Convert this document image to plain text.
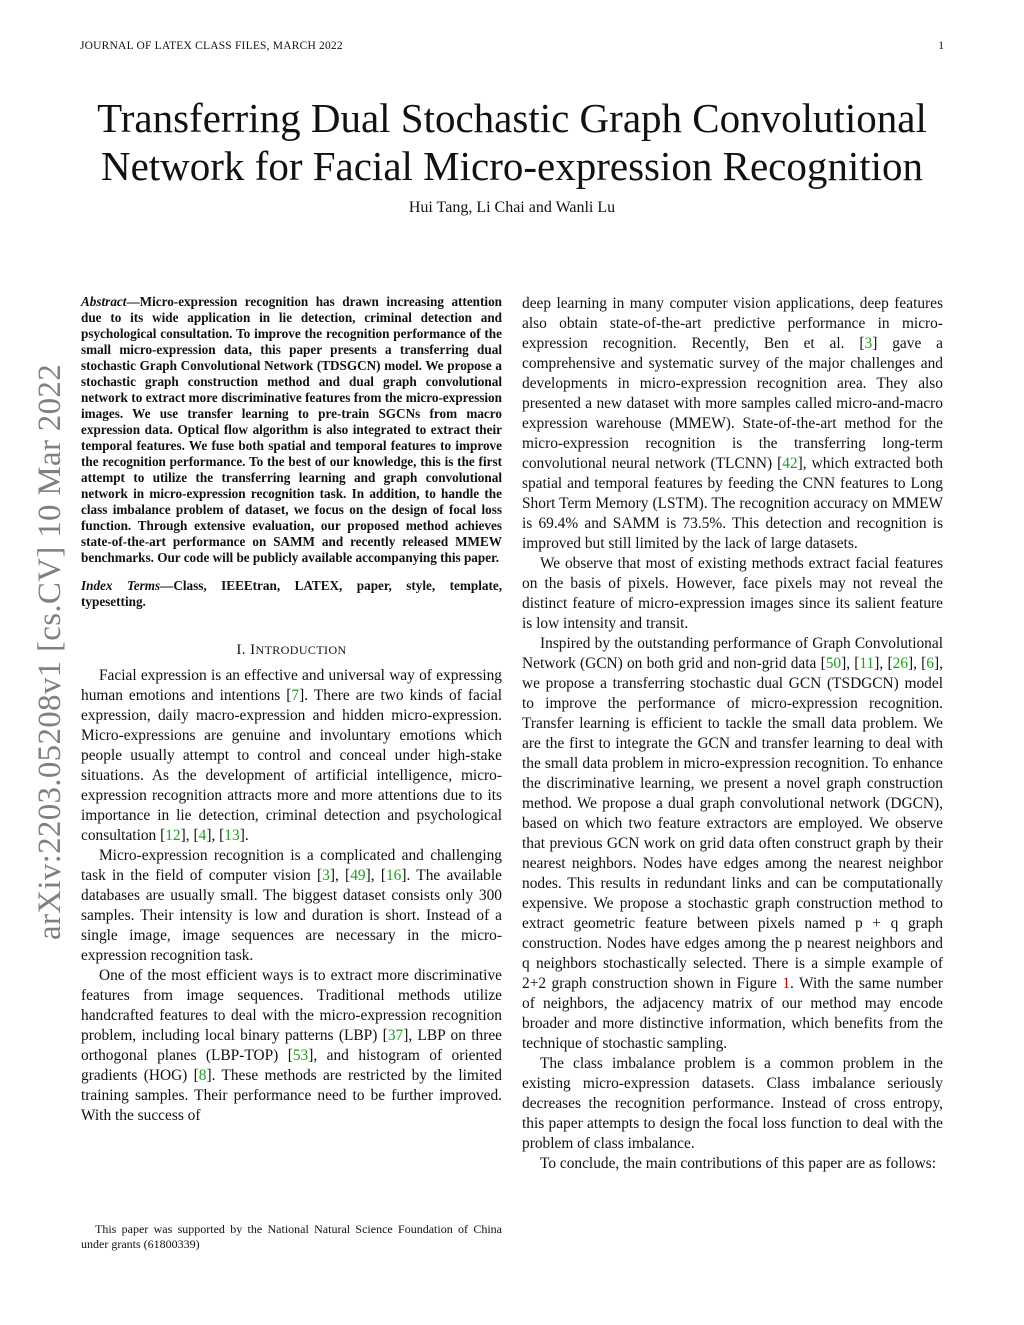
JOURNAL OF LATEX CLASS FILES, MARCH 2022	1
Transferring Dual Stochastic Graph Convolutional
Network for Facial Micro-expression Recognition
Hui Tang, Li Chai and Wanli Lu
arXiv:2203.05208v1 [cs.CV] 10 Mar 2022

Abstract—Micro-expression recognition has drawn increasing attention due to its wide application in lie detection, criminal detection and psychological consultation. To improve the recognition performance of the small micro-expression data, this paper presents a transferring dual stochastic Graph Convolutional Network (TDSGCN) model. We propose a stochastic graph construction method and dual graph convolutional network to extract more discriminative features from the micro-expression images. We use transfer learning to pre-train SGCNs from macro expression data. Optical flow algorithm is also integrated to extract their temporal features. We fuse both spatial and temporal features to improve the recognition performance. To the best of our knowledge, this is the first attempt to utilize the transferring learning and graph convolutional network in micro-expression recognition task. In addition, to handle the class imbalance problem of dataset, we focus on the design of focal loss function. Through extensive evaluation, our proposed method achieves state-of-the-art performance on SAMM and recently released MMEW benchmarks. Our code will be publicly available accompanying this paper.

Index Terms—Class, IEEEtran, LATEX, paper, style, template, typesetting.

I. INTRODUCTION

Facial expression is an effective and universal way of expressing human emotions and intentions [7]. There are two kinds of facial expression, daily macro-expression and hidden micro-expression. Micro-expressions are genuine and involuntary emotions which people usually attempt to control and conceal under high-stake situations. As the development of artificial intelligence, micro-expression recognition attracts more and more attentions due to its importance in lie detection, criminal detection and psychological consultation [12], [4], [13].

Micro-expression recognition is a complicated and challenging task in the field of computer vision [3], [49], [16]. The available databases are usually small. The biggest dataset consists only 300 samples. Their intensity is low and duration is short. Instead of a single image, image sequences are necessary in the micro-expression recognition task.

One of the most efficient ways is to extract more discriminative features from image sequences. Traditional methods utilize handcrafted features to deal with the micro-expression recognition problem, including local binary patterns (LBP) [37], LBP on three orthogonal planes (LBP-TOP) [53], and histogram of oriented gradients (HOG) [8]. These methods are restricted by the limited training samples. Their performance need to be further improved. With the success of

deep learning in many computer vision applications, deep features also obtain state-of-the-art predictive performance in micro-expression recognition. Recently, Ben et al. [3] gave a comprehensive and systematic survey of the major challenges and developments in micro-expression recognition area. They also presented a new dataset with more samples called micro-and-macro expression warehouse (MMEW). State-of-the-art method for the micro-expression recognition is the transferring long-term convolutional neural network (TLCNN) [42], which extracted both spatial and temporal features by feeding the CNN features to Long Short Term Memory (LSTM). The recognition accuracy on MMEW is 69.4% and SAMM is 73.5%. This detection and recognition is improved but still limited by the lack of large datasets.

We observe that most of existing methods extract facial features on the basis of pixels. However, face pixels may not reveal the distinct feature of micro-expression images since its salient feature is low intensity and transit.

Inspired by the outstanding performance of Graph Convolutional Network (GCN) on both grid and non-grid data [50], [11], [26], [6], we propose a transferring stochastic dual GCN (TSDGCN) model to improve the performance of micro-expression recognition. Transfer learning is efficient to tackle the small data problem. We are the first to integrate the GCN and transfer learning to deal with the small data problem in micro-expression recognition. To enhance the discriminative learning, we present a novel graph construction method. We propose a dual graph convolutional network (DGCN), based on which two feature extractors are employed. We observe that previous GCN work on grid data often construct graph by their nearest neighbors. Nodes have edges among the nearest neighbor nodes. This results in redundant links and can be computationally expensive. We propose a stochastic graph construction method to extract geometric feature between pixels named p + q graph construction. Nodes have edges among the p nearest neighbors and q neighbors stochastically selected. There is a simple example of 2+2 graph construction shown in Figure 1. With the same number of neighbors, the adjacency matrix of our method may encode broader and more distinctive information, which benefits from the technique of stochastic sampling.

The class imbalance problem is a common problem in the existing micro-expression datasets. Class imbalance seriously decreases the recognition performance. Instead of cross entropy, this paper attempts to design the focal loss function to deal with the problem of class imbalance.

To conclude, the main contributions of this paper are as follows:

This paper was supported by the National Natural Science Foundation of China under grants (61800339)
